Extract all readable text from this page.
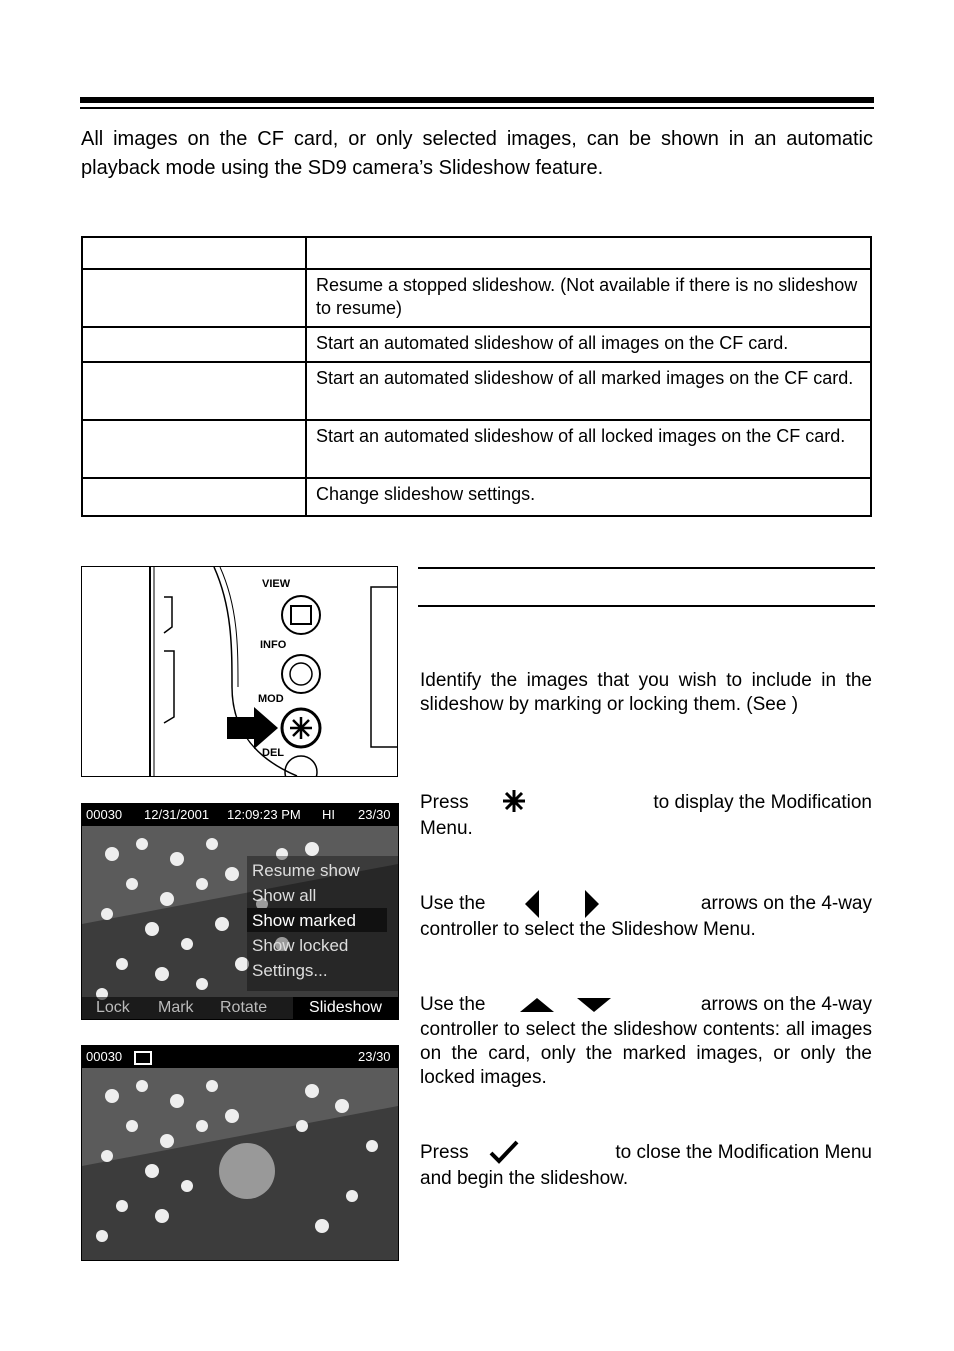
All images on the CF card, or only selected images, can be shown in an automatic playback mode using the SD9 camera’s Slideshow feature.

	Resume a stopped slideshow. (Not available if there is no slideshow to resume)
	Start an automated slideshow of all images on the CF card.
	Start an automated slideshow of all marked images on the CF card.
	Start an automated slideshow of all locked images on the CF card.
	Change slideshow settings.
VIEW
INFO
MOD
DEL
00030 12/31/2001 12:09:23 PM HI 23/30
Resume show
Show all
Show marked
Show locked
Settings...
Lock Mark Rotate	Slideshow
00030	23/30
Identify the images that you wish to include in the slideshow by marking or locking them. (See )
Press	to display the Modification
Menu.
Use the	arrows on the 4-way
controller to select the Slideshow Menu.
Use the	arrows on the 4-way
controller to select the slideshow contents: all images on the card, only the marked images, or only the locked images.
Press	to close the Modification Menu
and begin the slideshow.
